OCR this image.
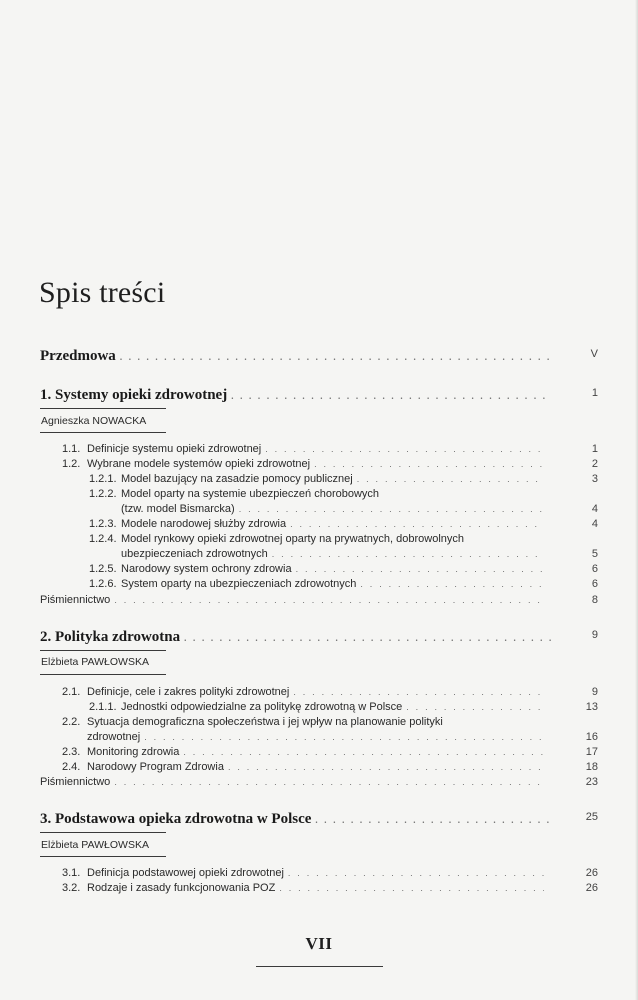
Spis treści
Przedmowa . . .	V
1. Systemy opieki zdrowotnej . . .	1
Agnieszka NOWACKA
1.1. Definicje systemu opieki zdrowotnej . . .	1
1.2. Wybrane modele systemów opieki zdrowotnej . . .	2
1.2.1. Model bazujący na zasadzie pomocy publicznej . . .	3
1.2.2. Model oparty na systemie ubezpieczeń chorobowych
(tzw. model Bismarcka) . . .	4
1.2.3. Modele narodowej służby zdrowia . . .	4
1.2.4. Model rynkowy opieki zdrowotnej oparty na prywatnych, dobrowolnych
ubezpieczeniach zdrowotnych . . .	5
1.2.5. Narodowy system ochrony zdrowia . . .	6
1.2.6. System oparty na ubezpieczeniach zdrowotnych . . .	6
Piśmiennictwo . . .	8
2. Polityka zdrowotna . . .	9
Elżbieta PAWŁOWSKA
2.1. Definicje, cele i zakres polityki zdrowotnej . . .	9
2.1.1. Jednostki odpowiedzialne za politykę zdrowotną w Polsce . . .	13
2.2. Sytuacja demograficzna społeczeństwa i jej wpływ na planowanie polityki
zdrowotnej . . .	16
2.3. Monitoring zdrowia . . .	17
2.4. Narodowy Program Zdrowia . . .	18
Piśmiennictwo . . .	23
3. Podstawowa opieka zdrowotna w Polsce . . .	25
Elżbieta PAWŁOWSKA
3.1. Definicja podstawowej opieki zdrowotnej . . .	26
3.2. Rodzaje i zasady funkcjonowania POZ . . .	26
VII
